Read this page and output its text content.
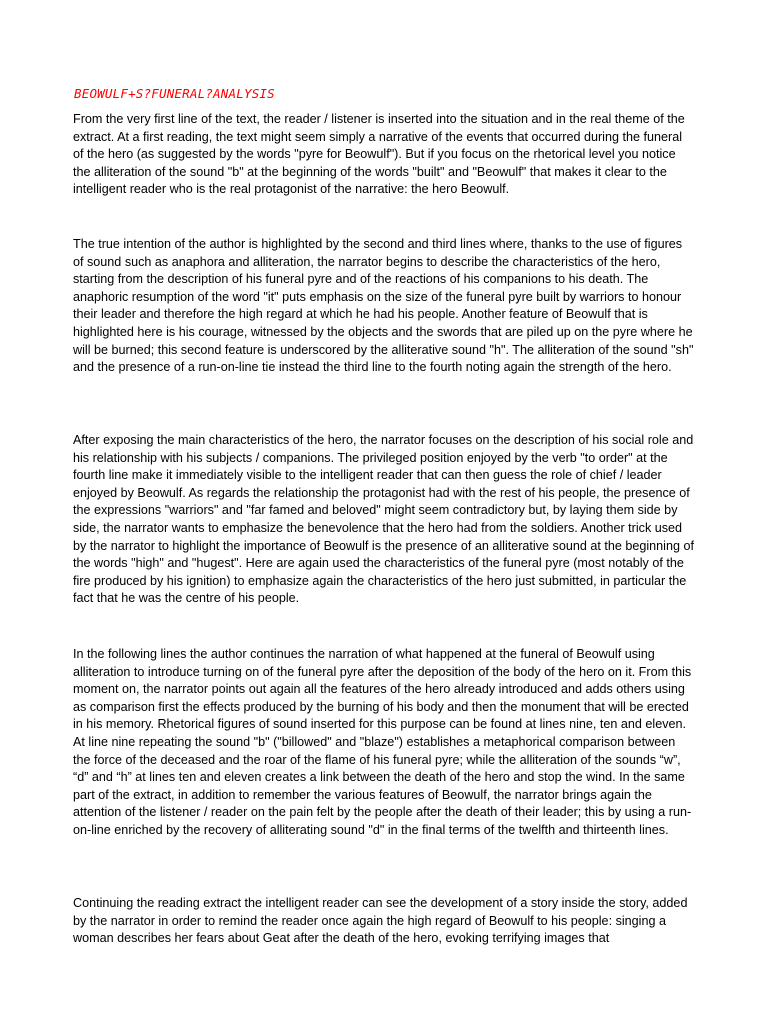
BEOWULF+S?FUNERAL?ANALYSIS

From the very first line of the text, the reader / listener is inserted into the situation and in the real theme of the extract. At a first reading, the text might seem simply a narrative of the events that occurred during the funeral of the hero (as suggested by the words "pyre for Beowulf"). But if you focus on the rhetorical level you notice the alliteration of the sound "b" at the beginning of the words "built" and "Beowulf" that makes it clear to the intelligent reader who is the real protagonist of the narrative: the hero Beowulf.

The true intention of the author is highlighted by the second and third lines where, thanks to the use of figures of sound such as anaphora and alliteration, the narrator begins to describe the characteristics of the hero, starting from the description of his funeral pyre and of the reactions of his companions to his death. The anaphoric resumption of the word "it" puts emphasis on the size of the funeral pyre built by warriors to honour their leader and therefore the high regard at which he had his people. Another feature of Beowulf that is highlighted here is his courage, witnessed by the objects and the swords that are piled up on the pyre where he will be burned; this second feature is underscored by the alliterative sound "h". The alliteration of the sound "sh" and the presence of a run-on-line tie instead the third line to the fourth noting again the strength of the hero.

After exposing the main characteristics of the hero, the narrator focuses on the description of his social role and his relationship with his subjects / companions. The privileged position enjoyed by the verb "to order" at the fourth line make it immediately visible to the intelligent reader that can then guess the role of chief / leader enjoyed by Beowulf. As regards the relationship the protagonist had with the rest of his people, the presence of the expressions "warriors" and "far famed and beloved" might seem contradictory but, by laying them side by side, the narrator wants to emphasize the benevolence that the hero had from the soldiers. Another trick used by the narrator to highlight the importance of Beowulf is the presence of an alliterative sound at the beginning of the words "high" and "hugest". Here are again used the characteristics of the funeral pyre (most notably of the fire produced by his ignition) to emphasize again the characteristics of the hero just submitted, in particular the fact that he was the centre of his people.

In the following lines the author continues the narration of what happened at the funeral of Beowulf using alliteration to introduce turning on of the funeral pyre after the deposition of the body of the hero on it. From this moment on, the narrator points out again all the features of the hero already introduced and adds others using as comparison first the effects produced by the burning of his body and then the monument that will be erected in his memory. Rhetorical figures of sound inserted for this purpose can be found at lines nine, ten and eleven. At line nine repeating the sound "b" ("billowed" and "blaze") establishes a metaphorical comparison between the force of the deceased and the roar of the flame of his funeral pyre; while the alliteration of the sounds “w”, “d” and “h” at lines ten and eleven creates a link between the death of the hero and stop the wind. In the same part of the extract, in addition to remember the various features of Beowulf, the narrator brings again the attention of the listener / reader on the pain felt by the people after the death of their leader; this by using a run-on-line enriched by the recovery of alliterating sound "d" in the final terms of the twelfth and thirteenth lines.

Continuing the reading extract the intelligent reader can see the development of a story inside the story, added by the narrator in order to remind the reader once again the high regard of Beowulf to his people: singing a woman describes her fears about Geat after the death of the hero, evoking terrifying images that
